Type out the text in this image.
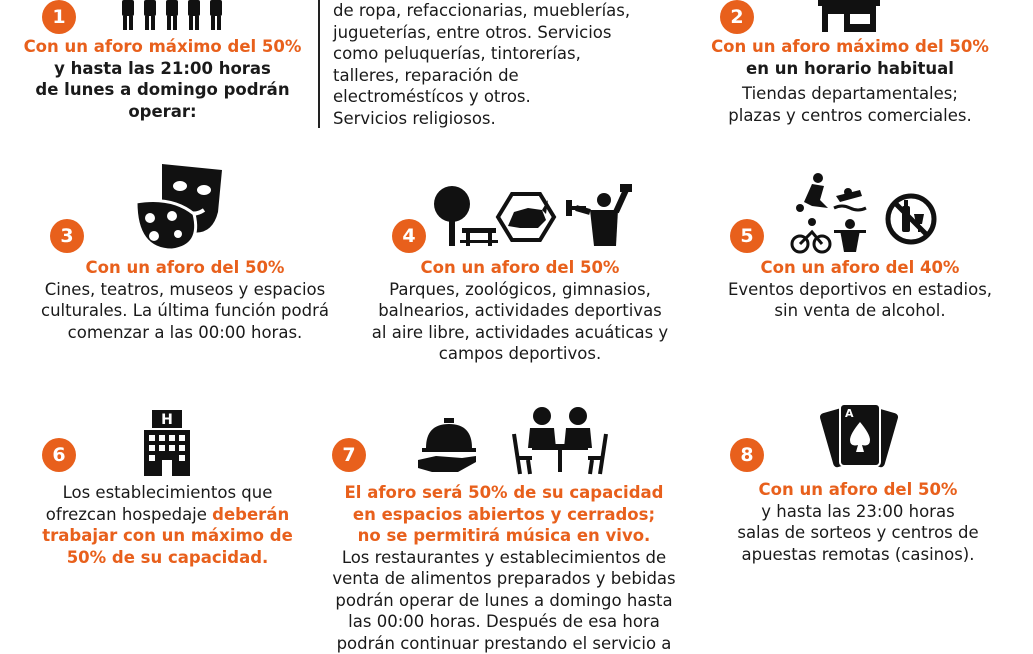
1
Con un aforo máximo del 50%
y hasta las 21:00 horas
de lunes a domingo podrán
operar:
de ropa, refaccionarias, mueblerías,
jugueterías, entre otros. Servicios
como peluquerías, tintorerías,
talleres, reparación de
electroméstícos y otros.
Servicios religiosos.
2
Con un aforo máximo del 50%
en un horario habitual
Tiendas departamentales;
plazas y centros comerciales.
3
Con un aforo del 50%
Cines, teatros, museos y espacios
culturales. La última función podrá
comenzar a las 00:00 horas.
4
Con un aforo del 50%
Parques, zoológicos, gimnasios,
balnearios, actividades deportivas
al aire libre, actividades acuáticas y
campos deportivos.
5
Con un aforo del 40%
Eventos deportivos en estadios,
sin venta de alcohol.
6
H
Los establecimientos que
ofrezcan hospedaje deberán
trabajar con un máximo de
50% de su capacidad.
7
El aforo será 50% de su capacidad
en espacios abiertos y cerrados;
no se permitirá música en vivo.
Los restaurantes y establecimientos de
venta de alimentos preparados y bebidas
podrán operar de lunes a domingo hasta
las 00:00 horas. Después de esa hora
podrán continuar prestando el servicio a
8
A
Con un aforo del 50%
y hasta las 23:00 horas
salas de sorteos y centros de
apuestas remotas (casinos).
